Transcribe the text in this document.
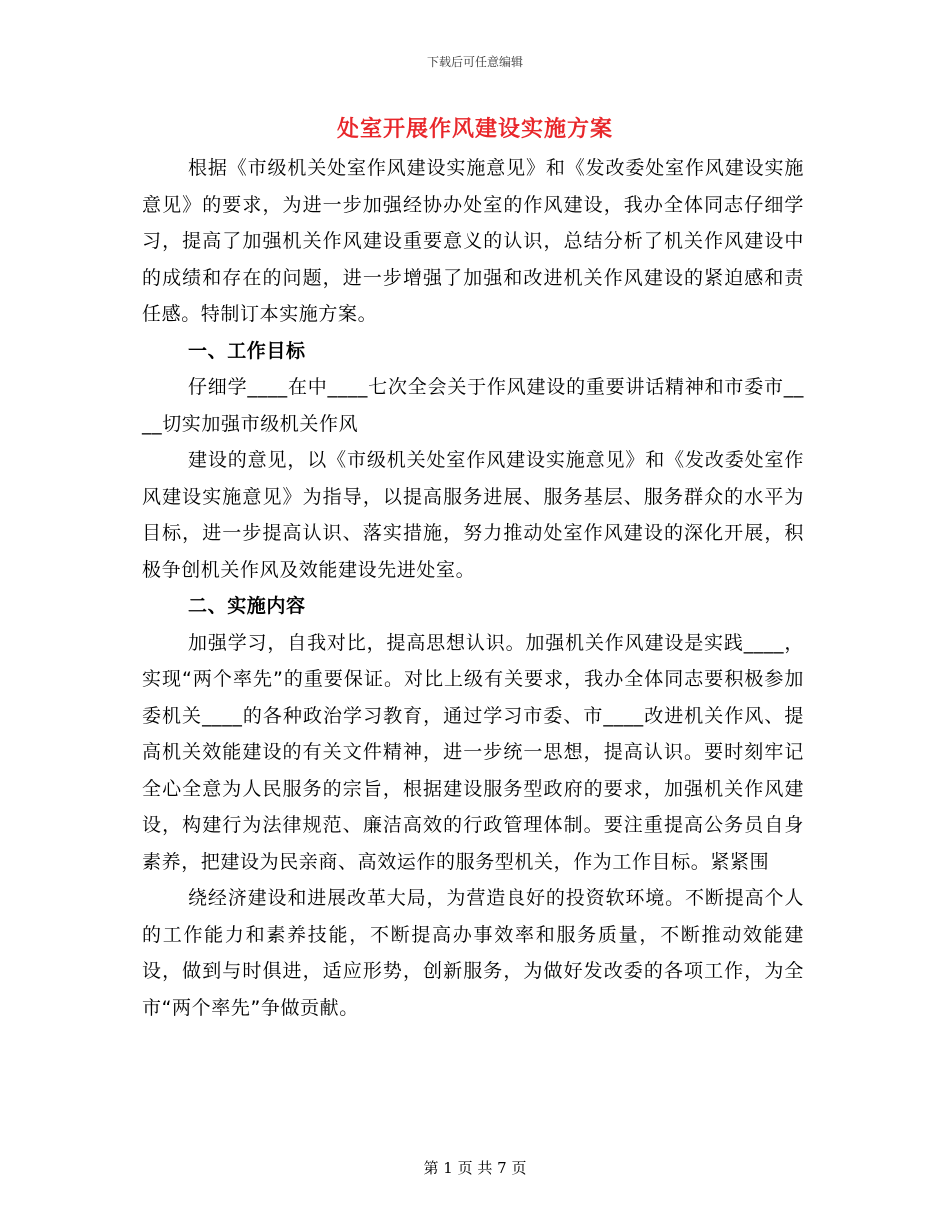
下载后可任意编辑
处室开展作风建设实施方案

根据《市级机关处室作风建设实施意见》和《发改委处室作风建设实施意见》的要求，为进一步加强经协办处室的作风建设，我办全体同志仔细学习，提高了加强机关作风建设重要意义的认识，总结分析了机关作风建设中的成绩和存在的问题，进一步增强了加强和改进机关作风建设的紧迫感和责任感。特制订本实施方案。

一、工作目标

仔细学____在中____七次全会关于作风建设的重要讲话精神和市委市____切实加强市级机关作风

建设的意见，以《市级机关处室作风建设实施意见》和《发改委处室作风建设实施意见》为指导，以提高服务进展、服务基层、服务群众的水平为目标，进一步提高认识、落实措施，努力推动处室作风建设的深化开展，积极争创机关作风及效能建设先进处室。

二、实施内容

加强学习，自我对比，提高思想认识。加强机关作风建设是实践____，实现“两个率先”的重要保证。对比上级有关要求，我办全体同志要积极参加委机关____的各种政治学习教育，通过学习市委、市____改进机关作风、提高机关效能建设的有关文件精神，进一步统一思想，提高认识。要时刻牢记全心全意为人民服务的宗旨，根据建设服务型政府的要求，加强机关作风建设，构建行为法律规范、廉洁高效的行政管理体制。要注重提高公务员自身素养，把建设为民亲商、高效运作的服务型机关，作为工作目标。紧紧围

绕经济建设和进展改革大局，为营造良好的投资软环境。不断提高个人的工作能力和素养技能，不断提高办事效率和服务质量，不断推动效能建设，做到与时俱进，适应形势，创新服务，为做好发改委的各项工作，为全市“两个率先”争做贡献。

第 1 页 共 7 页
